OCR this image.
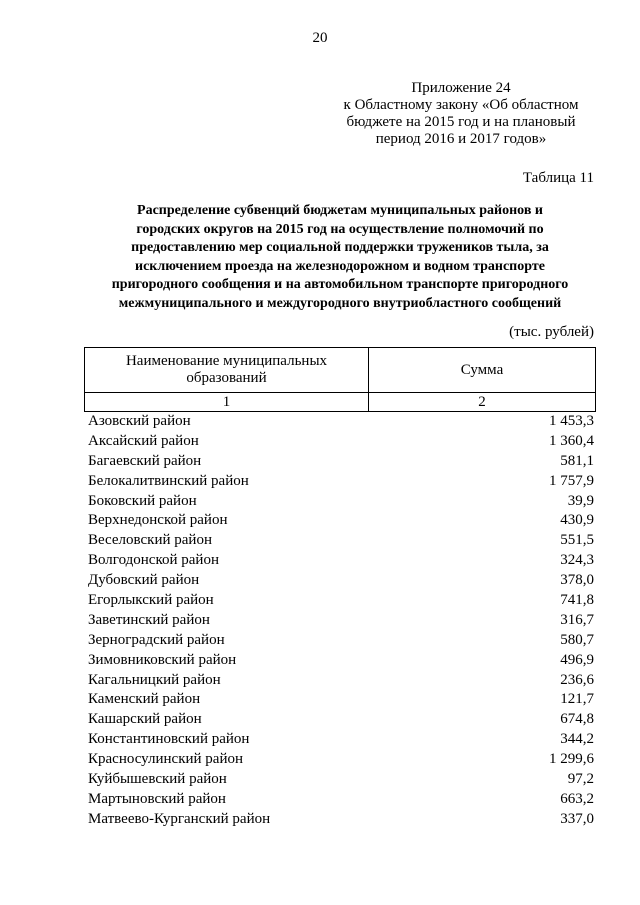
20
Приложение 24
к Областному закону «Об областном
бюджете на 2015 год и на плановый
период 2016 и 2017 годов»
Таблица 11
Распределение субвенций бюджетам муниципальных районов и
городских округов на 2015 год на осуществление полномочий по
предоставлению мер социальной поддержки тружеников тыла, за
исключением проезда на железнодорожном и водном транспорте
пригородного сообщения и на автомобильном транспорте пригородного
межмуниципального и междугородного внутриобластного сообщений
(тыс. рублей)
Наименование муниципальных
образований
Сумма
1	2
Азовский район	1 453,3
Аксайский район	1 360,4
Багаевский район	581,1
Белокалитвинский район	1 757,9
Боковский район	39,9
Верхнедонской район	430,9
Веселовский район	551,5
Волгодонской район	324,3
Дубовский район	378,0
Егорлыкский район	741,8
Заветинский район	316,7
Зерноградский район	580,7
Зимовниковский район	496,9
Кагальницкий район	236,6
Каменский район	121,7
Кашарский район	674,8
Константиновский район	344,2
Красносулинский район	1 299,6
Куйбышевский район	97,2
Мартыновский район	663,2
Матвеево-Курганский район	337,0
